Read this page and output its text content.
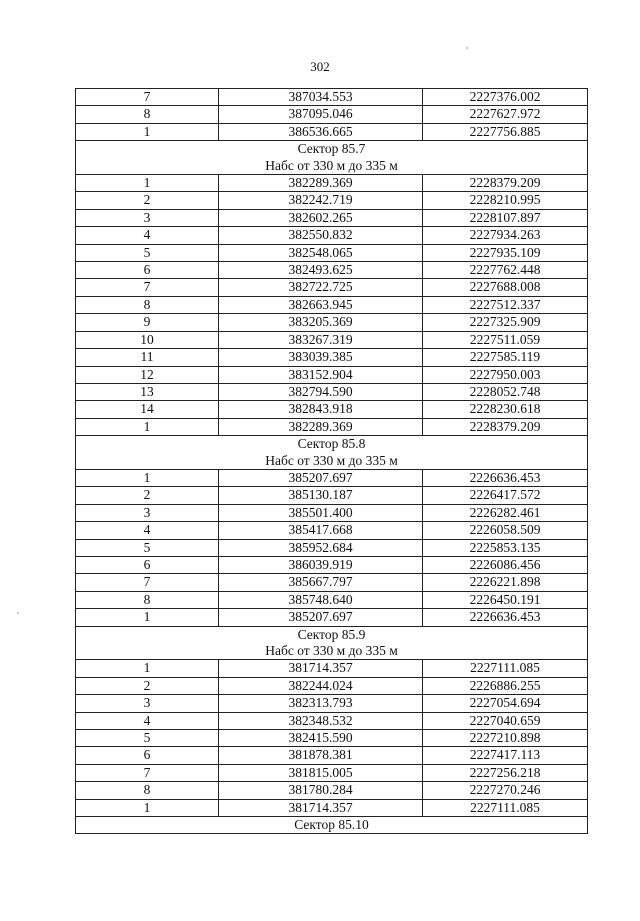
302
7	387034.553	2227376.002
8	387095.046	2227627.972
1	386536.665	2227756.885
Сектор 85.7		
Набс от 330 м до 335 м		
1	382289.369	2228379.209
2	382242.719	2228210.995
3	382602.265	2228107.897
4	382550.832	2227934.263
5	382548.065	2227935.109
6	382493.625	2227762.448
7	382722.725	2227688.008
8	382663.945	2227512.337
9	383205.369	2227325.909
10	383267.319	2227511.059
11	383039.385	2227585.119
12	383152.904	2227950.003
13	382794.590	2228052.748
14	382843.918	2228230.618
1	382289.369	2228379.209
Сектор 85.8		
Набс от 330 м до 335 м		
1	385207.697	2226636.453
2	385130.187	2226417.572
3	385501.400	2226282.461
4	385417.668	2226058.509
5	385952.684	2225853.135
6	386039.919	2226086.456
7	385667.797	2226221.898
8	385748.640	2226450.191
1	385207.697	2226636.453
Сектор 85.9		
Набс от 330 м до 335 м		
1	381714.357	2227111.085
2	382244.024	2226886.255
3	382313.793	2227054.694
4	382348.532	2227040.659
5	382415.590	2227210.898
6	381878.381	2227417.113
7	381815.005	2227256.218
8	381780.284	2227270.246
1	381714.357	2227111.085
Сектор 85.10		
